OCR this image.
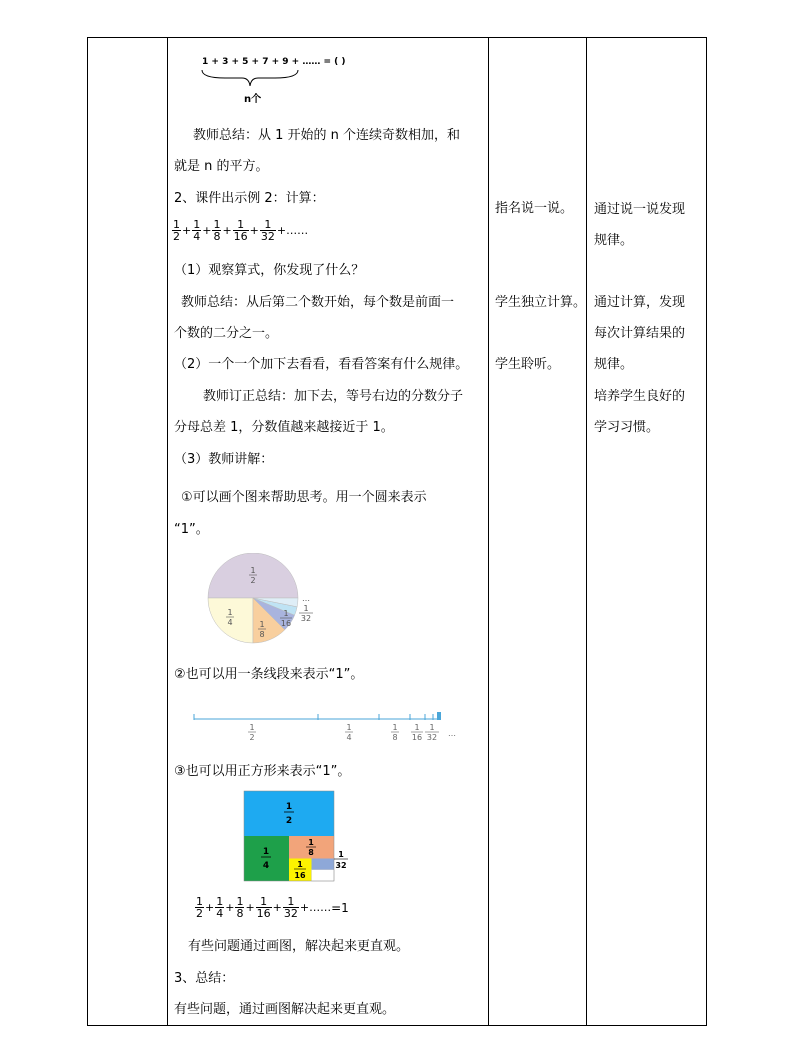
1 + 3 + 5 + 7 + 9 + …… = ( )
n个
教师总结：从 1 开始的 n 个连续奇数相加，和
就是 n 的平方。
2、课件出示例 2：计算：
$\frac{1}{2} + \frac{1}{4} + \frac{1}{8} + \frac{1}{16} + \frac{1}{32}$ +……
（1）观察算式，你发现了什么？
教师总结：从后第二个数开始，每个数是前面一
个数的二分之一。
（2）一个一个加下去看看，看看答案有什么规律。
教师订正总结：加下去，等号右边的分数分子
分母总差 1，分数值越来越接近于 1。
（3）教师讲解：
①可以画个图来帮助思考。用一个圆来表示
“1”。
1
2
1
4	1
8
1
16
1
32
…
②也可以用一条线段来表示“1”。
1
2
1
4
1
8
1
16
1
32 …
③也可以用正方形来表示“1”。
1
2
1
4
1
8
1
16
1
32
$\frac{1}{2} + \frac{1}{4} + \frac{1}{8} + \frac{1}{16} + \frac{1}{32}$ +……=1
有些问题通过画图，解决起来更直观。
3、总结：
有些问题，通过画图解决起来更直观。
指名说一说。
学生独立计算。
学生聆听。
通过说一说发现
规律。
通过计算，发现
每次计算结果的
规律。
培养学生良好的
学习习惯。
